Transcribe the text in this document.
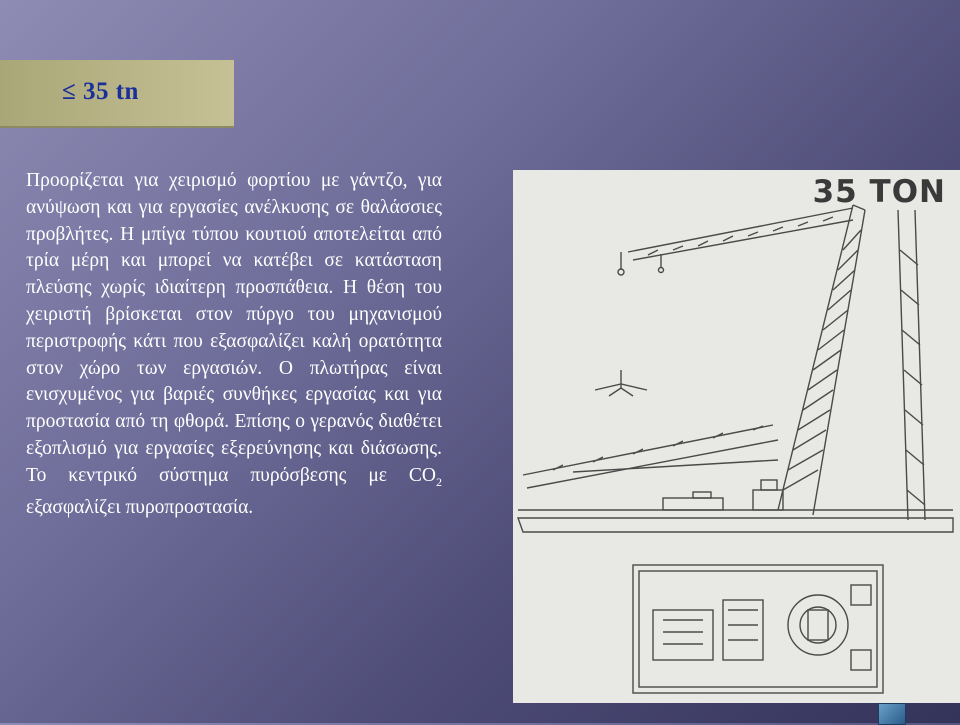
≤ 35 tn

Προορίζεται για χειρισμό φορτίου με γάντζο, για ανύψωση και για εργασίες ανέλκυσης σε θαλάσσιες προβλήτες. Η μπίγα τύπου κουτιού αποτελείται από τρία μέρη και μπορεί να κατέβει σε κατάσταση πλεύσης χωρίς ιδιαίτερη προσπάθεια. Η θέση του χειριστή βρίσκεται στον πύργο του μηχανισμού περιστροφής κάτι που εξασφαλίζει καλή ορατότητα στον χώρο των εργασιών. Ο πλωτήρας είναι ενισχυμένος για βαριές συνθήκες εργασίας και για προστασία από τη φθορά. Επίσης ο γερανός διαθέτει εξοπλισμό για εργασίες εξερεύνησης και διάσωσης. Το κεντρικό σύστημα πυρόσβεσης με $CO_2$ εξασφαλίζει πυροπροστασία.

35 TON
